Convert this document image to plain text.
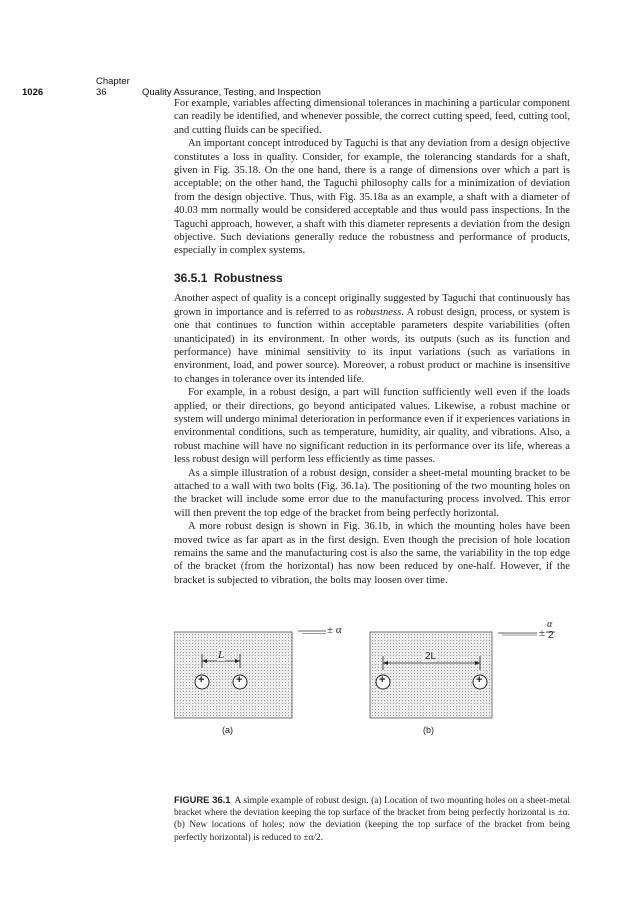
1026Chapter 36	Quality Assurance, Testing, and Inspection

For example, variables affecting dimensional tolerances in machining a particular component can readily be identified, and whenever possible, the correct cutting speed, feed, cutting tool, and cutting fluids can be specified.

An important concept introduced by Taguchi is that any deviation from a design objective constitutes a loss in quality. Consider, for example, the tolerancing standards for a shaft, given in Fig. 35.18. On the one hand, there is a range of dimensions over which a part is acceptable; on the other hand, the Taguchi philosophy calls for a minimization of deviation from the design objective. Thus, with Fig. 35.18a as an example, a shaft with a diameter of 40.03 mm normally would be considered acceptable and thus would pass inspections. In the Taguchi approach, however, a shaft with this diameter represents a deviation from the design objective. Such deviations generally reduce the robustness and performance of products, especially in complex systems.

36.5.1 Robustness

Another aspect of quality is a concept originally suggested by Taguchi that continuously has grown in importance and is referred to as robustness. A robust design, process, or system is one that continues to function within acceptable parameters despite variabilities (often unanticipated) in its environment. In other words, its outputs (such as its function and performance) have minimal sensitivity to its input variations (such as variations in environment, load, and power source). Moreover, a robust product or machine is insensitive to changes in tolerance over its intended life.

For example, in a robust design, a part will function sufficiently well even if the loads applied, or their directions, go beyond anticipated values. Likewise, a robust machine or system will undergo minimal deterioration in performance even if it experiences variations in environmental conditions, such as temperature, humidity, air quality, and vibrations. Also, a robust machine will have no significant reduction in its performance over its life, whereas a less robust design will perform less efficiently as time passes.

As a simple illustration of a robust design, consider a sheet-metal mounting bracket to be attached to a wall with two bolts (Fig. 36.1a). The positioning of the two mounting holes on the bracket will include some error due to the manufacturing process involved. This error will then prevent the top edge of the bracket from being perfectly horizontal.

A more robust design is shown in Fig. 36.1b, in which the mounting holes have been moved twice as far apart as in the first design. Even though the precision of hole location remains the same and the manufacturing cost is also the same, the variability in the top edge of the bracket (from the horizontal) has now been reduced by one-half. However, if the bracket is subjected to vibration, the bolts may loosen over time.

+	+	+	+
L	2L
± α	±
α
2
(a)	(b)
FIGURE 36.1 A simple example of robust design. (a) Location of two mounting holes on a sheet-metal bracket where the deviation keeping the top surface of the bracket from being perfectly horizontal is ±α. (b) New locations of holes; now the deviation (keeping the top surface of the bracket from being perfectly horizontal) is reduced to ±α/2.
